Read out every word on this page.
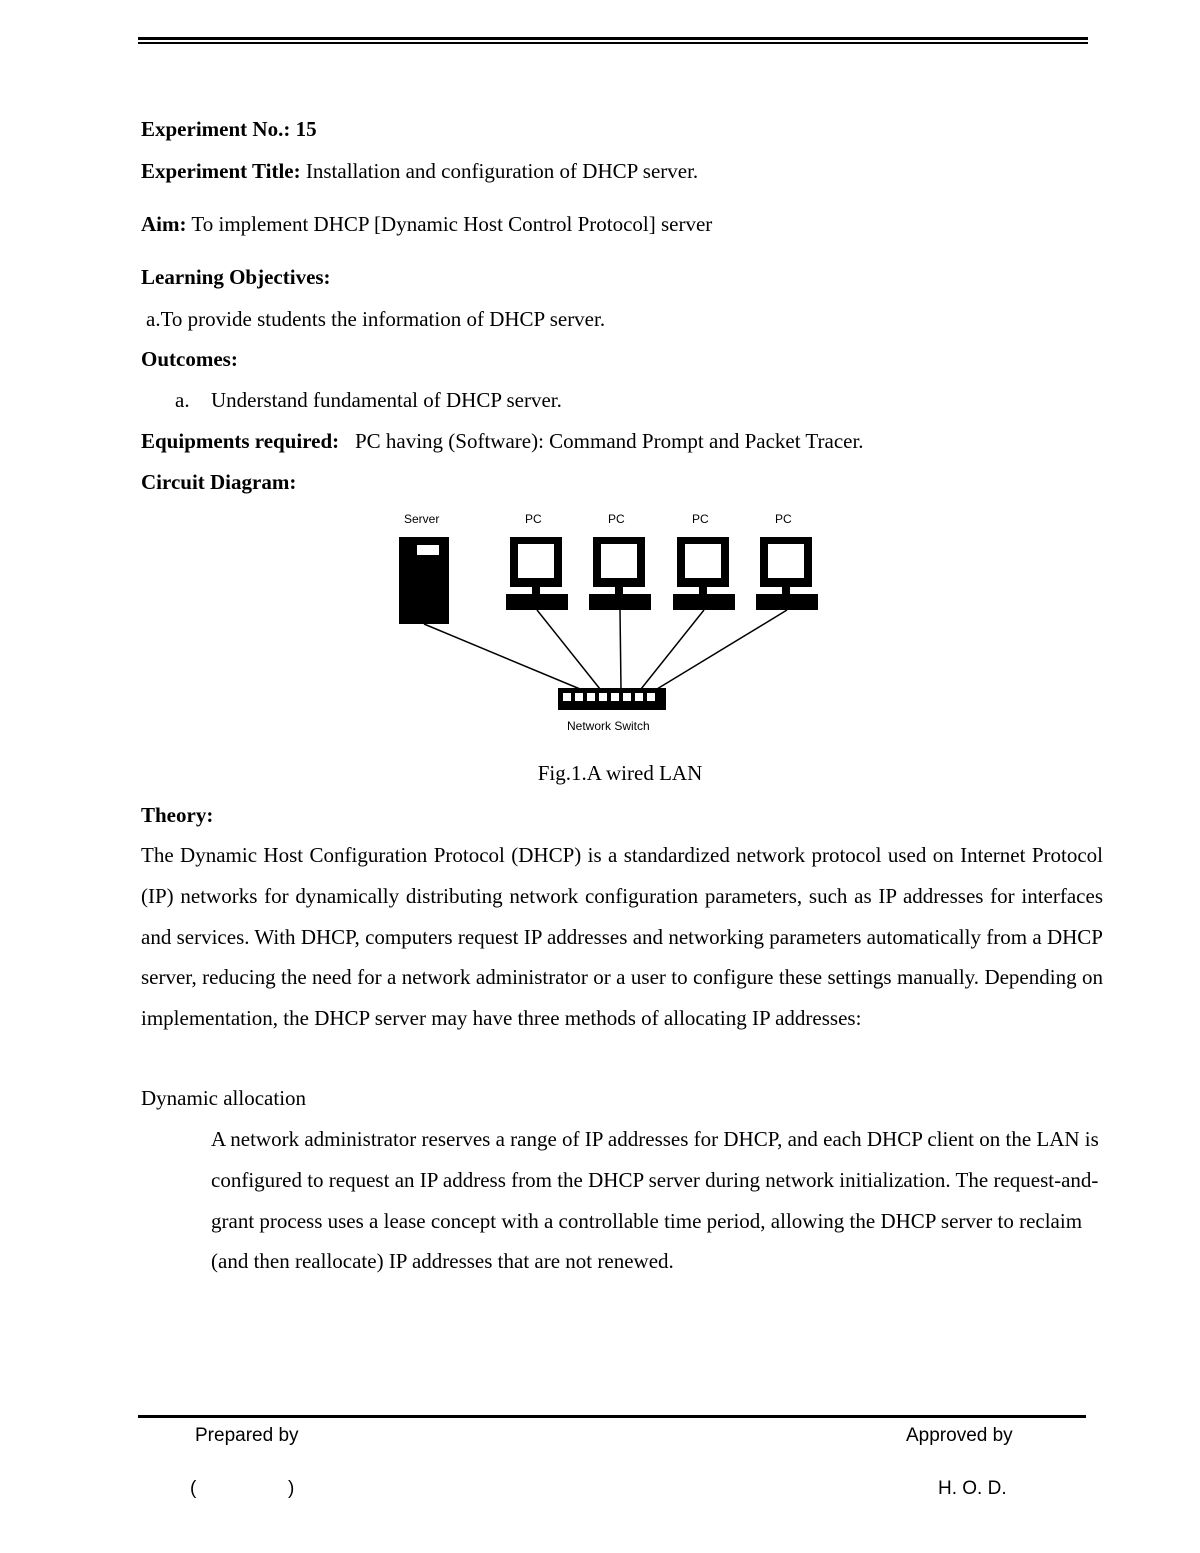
Experiment No.: 15
Experiment Title: Installation and configuration of DHCP server.
Aim: To implement DHCP [Dynamic Host Control Protocol] server
Learning Objectives:
a.To provide students the information of DHCP server.
Outcomes:
a. Understand fundamental of DHCP server.
Equipments required: PC having (Software): Command Prompt and Packet Tracer.
Circuit Diagram:
Server	PC	PC	PC	PC
Network Switch
Fig.1.A wired LAN
Theory:
The Dynamic Host Configuration Protocol (DHCP) is a standardized network protocol used on Internet Protocol (IP) networks for dynamically distributing network configuration parameters, such as IP addresses for interfaces and services. With DHCP, computers request IP addresses and networking parameters automatically from a DHCP server, reducing the need for a network administrator or a user to configure these settings manually. Depending on implementation, the DHCP server may have three methods of allocating IP addresses:
Dynamic allocation
A network administrator reserves a range of IP addresses for DHCP, and each DHCP client on the LAN is configured to request an IP address from the DHCP server during network initialization. The request-and-grant process uses a lease concept with a controllable time period, allowing the DHCP server to reclaim (and then reallocate) IP addresses that are not renewed.
Prepared by	Approved by
(	)	H. O. D.
